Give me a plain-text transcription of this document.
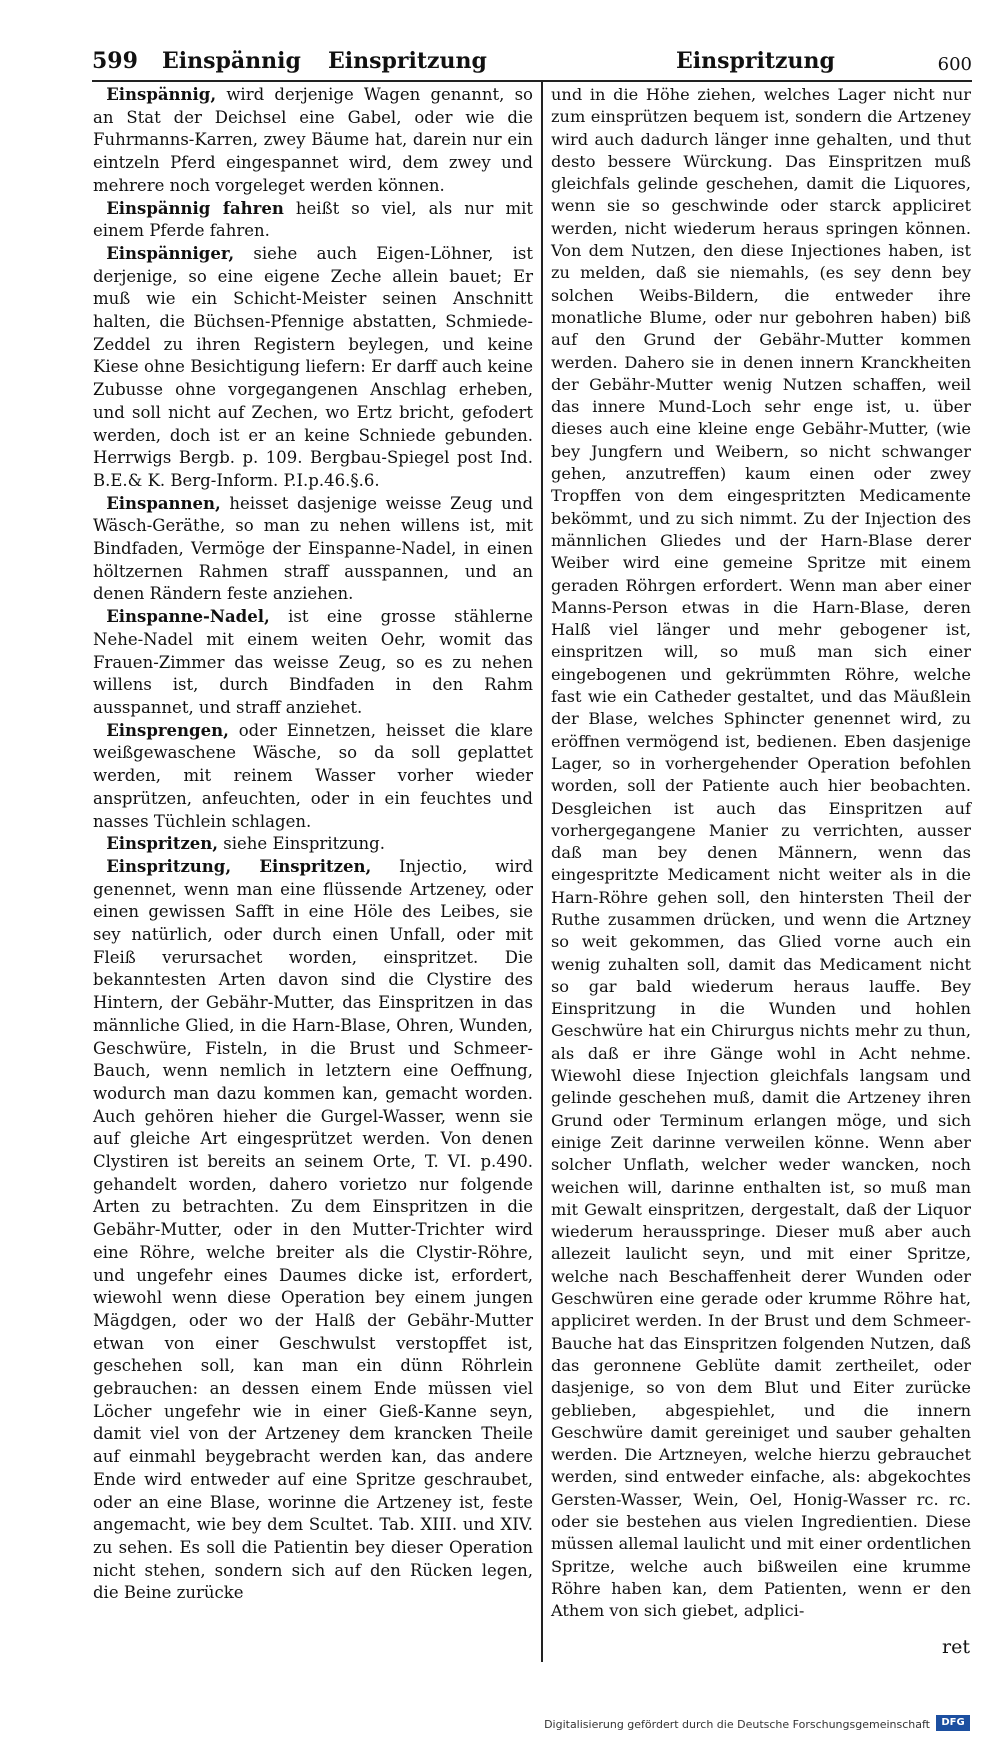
599 Einspännig Einspritzung	Einspritzung	600

Einspännig, wird derjenige Wagen genannt, so an Stat der Deichsel eine Gabel, oder wie die Fuhrmanns-Karren, zwey Bäume hat, darein nur ein eintzeln Pferd eingespannet wird, dem zwey und mehrere noch vorgeleget werden können.

Einspännig fahren heißt so viel, als nur mit einem Pferde fahren.

Einspänniger, siehe auch Eigen-Löhner, ist derjenige, so eine eigene Zeche allein bauet; Er muß wie ein Schicht-Meister seinen Anschnitt halten, die Büchsen-Pfennige abstatten, Schmiede-Zeddel zu ihren Registern beylegen, und keine Kiese ohne Besichtigung liefern: Er darff auch keine Zubusse ohne vorgegangenen Anschlag erheben, und soll nicht auf Zechen, wo Ertz bricht, gefodert werden, doch ist er an keine Schniede gebunden. Herrwigs Bergb. p. 109. Bergbau-Spiegel post Ind. B.E.& K. Berg-Inform. P.I.p.46.§.6.

Einspannen, heisset dasjenige weisse Zeug und Wäsch-Geräthe, so man zu nehen willens ist, mit Bindfaden, Vermöge der Einspanne-Nadel, in einen höltzernen Rahmen straff ausspannen, und an denen Rändern feste anziehen.

Einspanne-Nadel, ist eine grosse stählerne Nehe-Nadel mit einem weiten Oehr, womit das Frauen-Zimmer das weisse Zeug, so es zu nehen willens ist, durch Bindfaden in den Rahm ausspannet, und straff anziehet.

Einsprengen, oder Einnetzen, heisset die klare weißgewaschene Wäsche, so da soll geplattet werden, mit reinem Wasser vorher wieder ansprützen, anfeuchten, oder in ein feuchtes und nasses Tüchlein schlagen.

Einspritzen, siehe Einspritzung.

Einspritzung, Einspritzen, Injectio, wird genennet, wenn man eine flüssende Artzeney, oder einen gewissen Safft in eine Höle des Leibes, sie sey natürlich, oder durch einen Unfall, oder mit Fleiß verursachet worden, einspritzet. Die bekanntesten Arten davon sind die Clystire des Hintern, der Gebähr-Mutter, das Einspritzen in das männliche Glied, in die Harn-Blase, Ohren, Wunden, Geschwüre, Fisteln, in die Brust und Schmeer-Bauch, wenn nemlich in letztern eine Oeffnung, wodurch man dazu kommen kan, gemacht worden. Auch gehören hieher die Gurgel-Wasser, wenn sie auf gleiche Art eingesprützet werden. Von denen Clystiren ist bereits an seinem Orte, T. VI. p.490. gehandelt worden, dahero vorietzo nur folgende Arten zu betrachten. Zu dem Einspritzen in die Gebähr-Mutter, oder in den Mutter-Trichter wird eine Röhre, welche breiter als die Clystir-Röhre, und ungefehr eines Daumes dicke ist, erfordert, wiewohl wenn diese Operation bey einem jungen Mägdgen, oder wo der Halß der Gebähr-Mutter etwan von einer Geschwulst verstopffet ist, geschehen soll, kan man ein dünn Röhrlein gebrauchen: an dessen einem Ende müssen viel Löcher ungefehr wie in einer Gieß-Kanne seyn, damit viel von der Artzeney dem krancken Theile auf einmahl beygebracht werden kan, das andere Ende wird entweder auf eine Spritze geschraubet, oder an eine Blase, worinne die Artzeney ist, feste angemacht, wie bey dem Scultet. Tab. XIII. und XIV. zu sehen. Es soll die Patientin bey dieser Operation nicht stehen, sondern sich auf den Rücken legen, die Beine zurücke

und in die Höhe ziehen, welches Lager nicht nur zum einsprützen bequem ist, sondern die Artzeney wird auch dadurch länger inne gehalten, und thut desto bessere Würckung. Das Einspritzen muß gleichfals gelinde geschehen, damit die Liquores, wenn sie so geschwinde oder starck appliciret werden, nicht wiederum heraus springen können. Von dem Nutzen, den diese Injectiones haben, ist zu melden, daß sie niemahls, (es sey denn bey solchen Weibs-Bildern, die entweder ihre monatliche Blume, oder nur gebohren haben) biß auf den Grund der Gebähr-Mutter kommen werden. Dahero sie in denen innern Kranckheiten der Gebähr-Mutter wenig Nutzen schaffen, weil das innere Mund-Loch sehr enge ist, u. über dieses auch eine kleine enge Gebähr-Mutter, (wie bey Jungfern und Weibern, so nicht schwanger gehen, anzutreffen) kaum einen oder zwey Tropffen von dem eingespritzten Medicamente bekömmt, und zu sich nimmt. Zu der Injection des männlichen Gliedes und der Harn-Blase derer Weiber wird eine gemeine Spritze mit einem geraden Röhrgen erfordert. Wenn man aber einer Manns-Person etwas in die Harn-Blase, deren Halß viel länger und mehr gebogener ist, einspritzen will, so muß man sich einer eingebogenen und gekrümmten Röhre, welche fast wie ein Catheder gestaltet, und das Mäußlein der Blase, welches Sphincter genennet wird, zu eröffnen vermögend ist, bedienen. Eben dasjenige Lager, so in vorhergehender Operation befohlen worden, soll der Patiente auch hier beobachten. Desgleichen ist auch das Einspritzen auf vorhergegangene Manier zu verrichten, ausser daß man bey denen Männern, wenn das eingespritzte Medicament nicht weiter als in die Harn-Röhre gehen soll, den hintersten Theil der Ruthe zusammen drücken, und wenn die Artzney so weit gekommen, das Glied vorne auch ein wenig zuhalten soll, damit das Medicament nicht so gar bald wiederum heraus lauffe. Bey Einspritzung in die Wunden und hohlen Geschwüre hat ein Chirurgus nichts mehr zu thun, als daß er ihre Gänge wohl in Acht nehme. Wiewohl diese Injection gleichfals langsam und gelinde geschehen muß, damit die Artzeney ihren Grund oder Terminum erlangen möge, und sich einige Zeit darinne verweilen könne. Wenn aber solcher Unflath, welcher weder wancken, noch weichen will, darinne enthalten ist, so muß man mit Gewalt einspritzen, dergestalt, daß der Liquor wiederum herausspringe. Dieser muß aber auch allezeit laulicht seyn, und mit einer Spritze, welche nach Beschaffenheit derer Wunden oder Geschwüren eine gerade oder krumme Röhre hat, appliciret werden. In der Brust und dem Schmeer-Bauche hat das Einspritzen folgenden Nutzen, daß das geronnene Geblüte damit zertheilet, oder dasjenige, so von dem Blut und Eiter zurücke geblieben, abgespiehlet, und die innern Geschwüre damit gereiniget und sauber gehalten werden. Die Artzneyen, welche hierzu gebrauchet werden, sind entweder einfache, als: abgekochtes Gersten-Wasser, Wein, Oel, Honig-Wasser rc. rc. oder sie bestehen aus vielen Ingredientien. Diese müssen allemal laulicht und mit einer ordentlichen Spritze, welche auch bißweilen eine krumme Röhre haben kan, dem Patienten, wenn er den Athem von sich giebet, adplici-

ret
Digitalisierung gefördert durch die Deutsche Forschungsgemeinschaft	DFG
